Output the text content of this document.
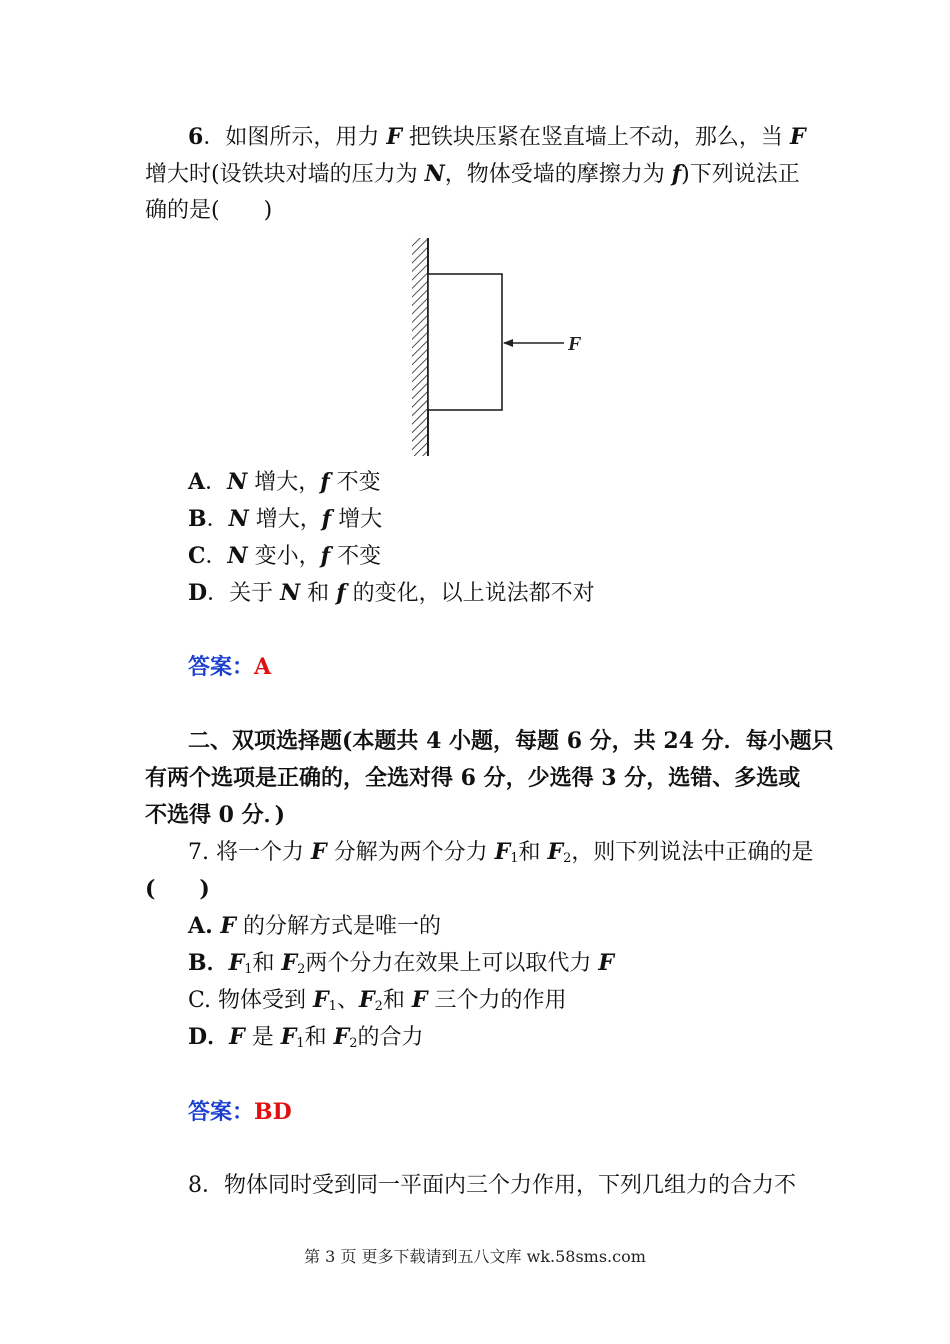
6．如图所示，用力 F 把铁块压紧在竖直墙上不动，那么，当 F
增大时(设铁块对墙的压力为 N，物体受墙的摩擦力为 f)下列说法正
确的是(　　)
F
A．N 增大，f 不变
B．N 增大，f 增大
C．N 变小，f 不变
D．关于 N 和 f 的变化，以上说法都不对
答案：A
二、双项选择题(本题共 4 小题，每题 6 分，共 24 分．每小题只
有两个选项是正确的，全选对得 6 分，少选得 3 分，选错、多选或
不选得 0 分．)
7. 将一个力 F 分解为两个分力 $F_1$和 $F_2$，则下列说法中正确的是
(　　)
A. F 的分解方式是唯一的
B．$F_1$和 $F_2$两个分力在效果上可以取代力 F
C. 物体受到 $F_1$、$F_2$和 F 三个力的作用
D．F 是 $F_1$和 $F_2$的合力
答案：BD
8．物体同时受到同一平面内三个力作用，下列几组力的合力不
第 3 页 更多下载请到五八文库 wk.58sms.com
